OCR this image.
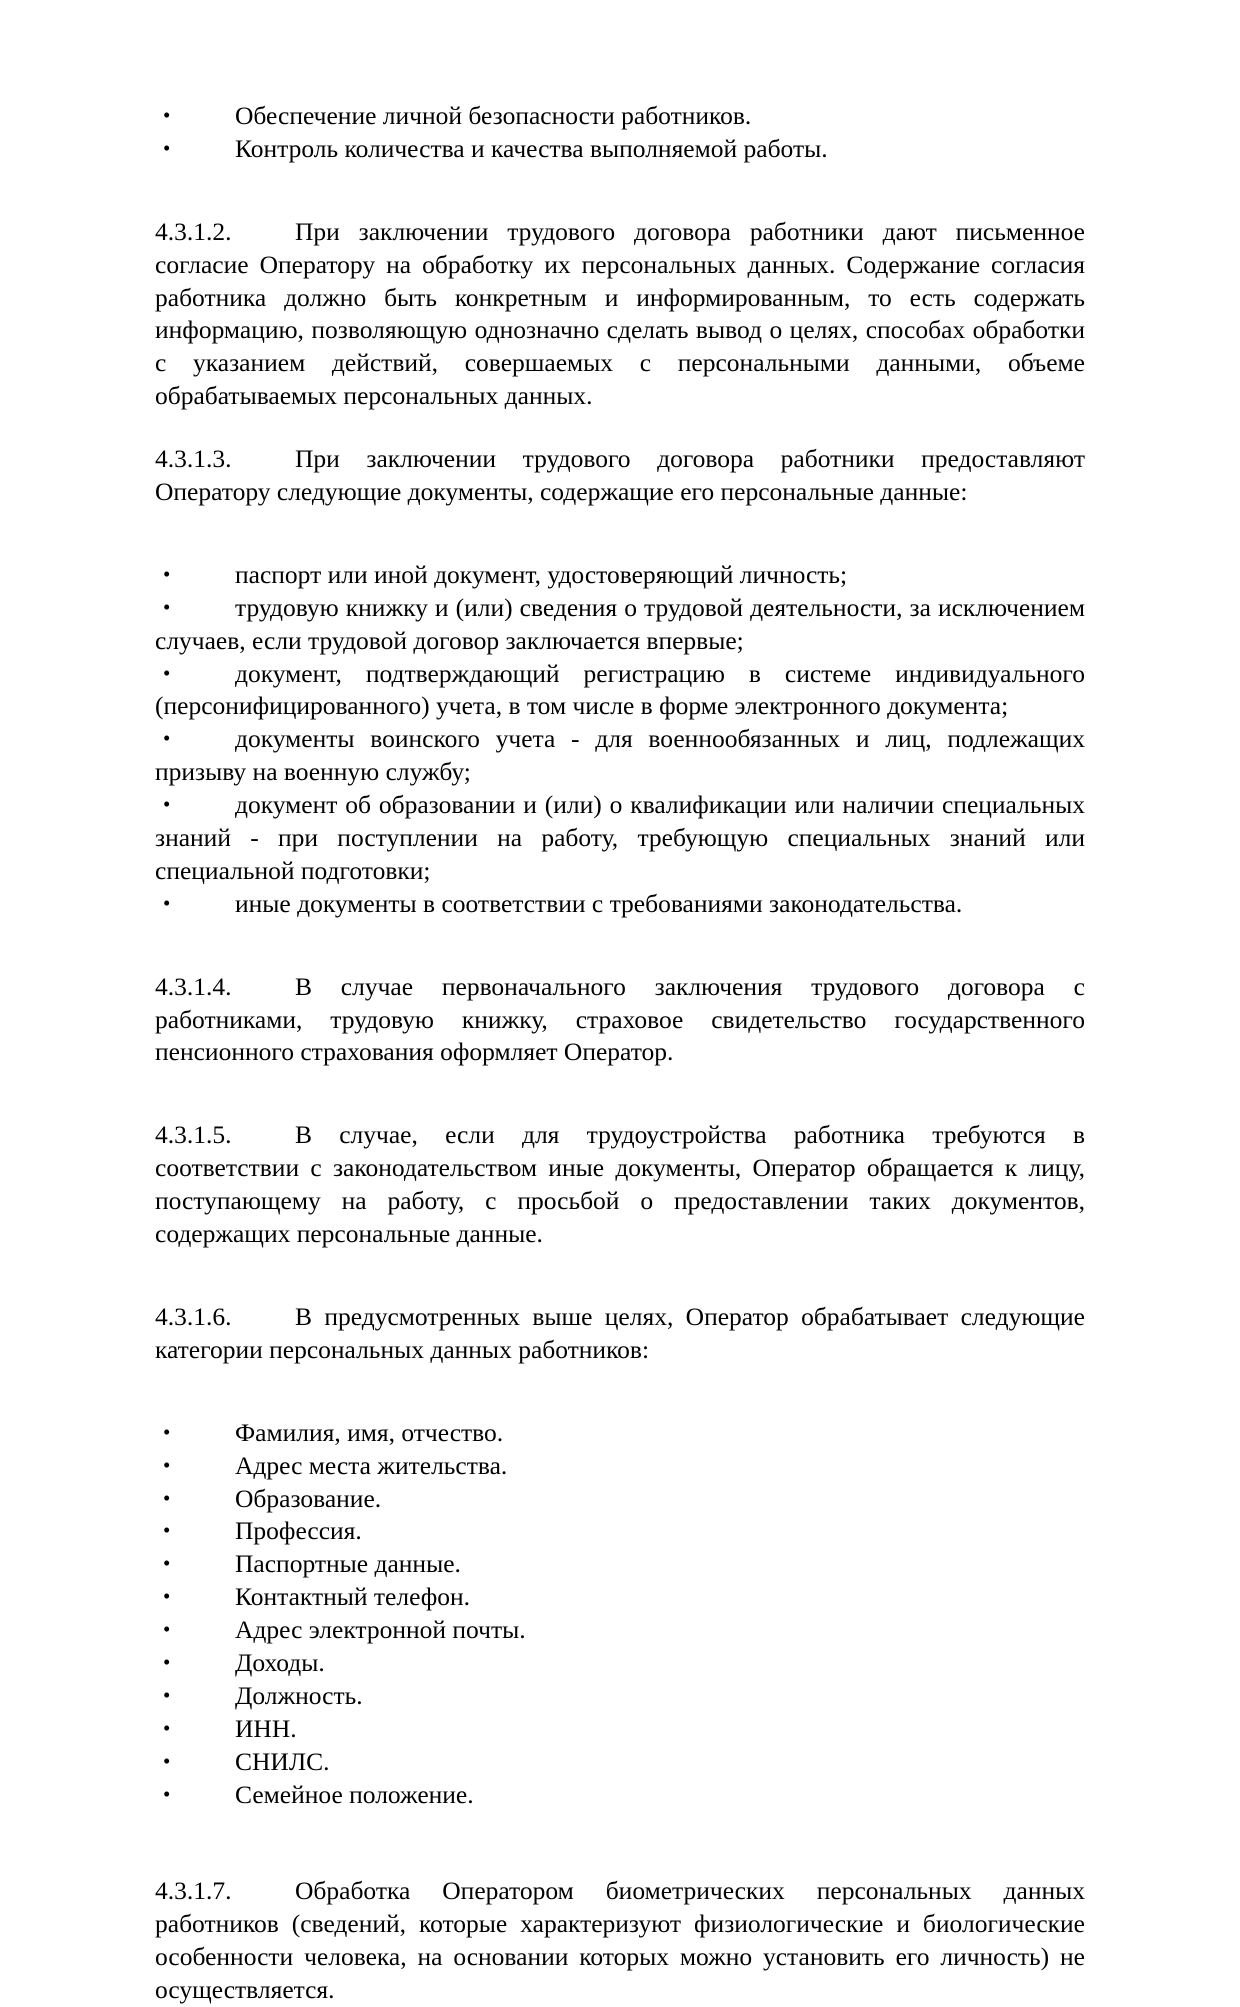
•	Обеспечение личной безопасности работников.
•	Контроль количества и качества выполняемой работы.

4.3.1.2. При заключении трудового договора работники дают письменное согласие Оператору на обработку их персональных данных. Содержание согласия работника должно быть конкретным и информированным, то есть содержать информацию, позволяющую однозначно сделать вывод о целях, способах обработки с указанием действий, совершаемых с персональными данными, объеме обрабатываемых персональных данных.

4.3.1.3. При заключении трудового договора работники предоставляют Оператору следующие документы, содержащие его персональные данные:

•	паспорт или иной документ, удостоверяющий личность;
•	трудовую книжку и (или) сведения о трудовой деятельности, за исключением случаев, если трудовой договор заключается впервые;
•	документ, подтверждающий регистрацию в системе индивидуального (персонифицированного) учета, в том числе в форме электронного документа;
•	документы воинского учета - для военнообязанных и лиц, подлежащих призыву на военную службу;
•	документ об образовании и (или) о квалификации или наличии специальных знаний - при поступлении на работу, требующую специальных знаний или специальной подготовки;
•	иные документы в соответствии с требованиями законодательства.

4.3.1.4. В случае первоначального заключения трудового договора с работниками, трудовую книжку, страховое свидетельство государственного пенсионного страхования оформляет Оператор.

4.3.1.5. В случае, если для трудоустройства работника требуются в соответствии с законодательством иные документы, Оператор обращается к лицу, поступающему на работу, с просьбой о предоставлении таких документов, содержащих персональные данные.

4.3.1.6. В предусмотренных выше целях, Оператор обрабатывает следующие категории персональных данных работников:

•	Фамилия, имя, отчество.
•	Адрес места жительства.
•	Образование.
•	Профессия.
•	Паспортные данные.
•	Контактный телефон.
•	Адрес электронной почты.
•	Доходы.
•	Должность.
•	ИНН.
•	СНИЛС.
•	Семейное положение.

4.3.1.7. Обработка Оператором биометрических персональных данных работников (сведений, которые характеризуют физиологические и биологические особенности человека, на основании которых можно установить его личность) не осуществляется.
